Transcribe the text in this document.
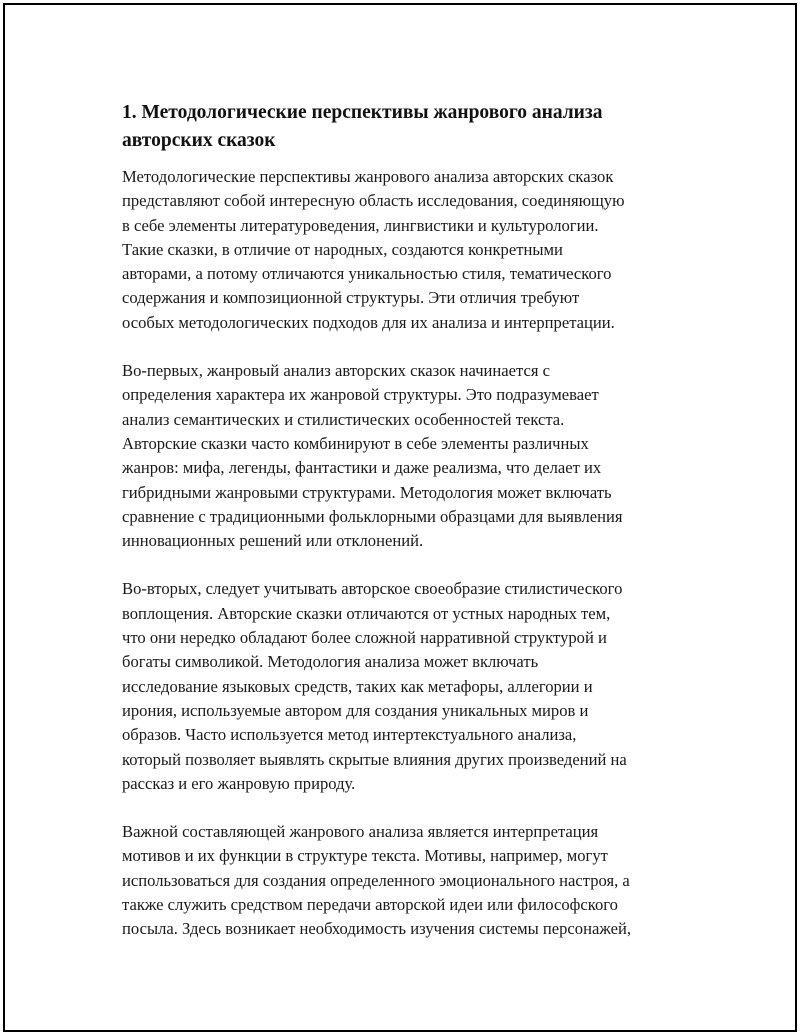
1. Методологические перспективы жанрового анализа
авторских сказок

Методологические перспективы жанрового анализа авторских сказок
представляют собой интересную область исследования, соединяющую
в себе элементы литературоведения, лингвистики и культурологии.
Такие сказки, в отличие от народных, создаются конкретными
авторами, а потому отличаются уникальностью стиля, тематического
содержания и композиционной структуры. Эти отличия требуют
особых методологических подходов для их анализа и интерпретации.

Во-первых, жанровый анализ авторских сказок начинается с
определения характера их жанровой структуры. Это подразумевает
анализ семантических и стилистических особенностей текста.
Авторские сказки часто комбинируют в себе элементы различных
жанров: мифа, легенды, фантастики и даже реализма, что делает их
гибридными жанровыми структурами. Методология может включать
сравнение с традиционными фольклорными образцами для выявления
инновационных решений или отклонений.

Во-вторых, следует учитывать авторское своеобразие стилистического
воплощения. Авторские сказки отличаются от устных народных тем,
что они нередко обладают более сложной нарративной структурой и
богаты символикой. Методология анализа может включать
исследование языковых средств, таких как метафоры, аллегории и
ирония, используемые автором для создания уникальных миров и
образов. Часто используется метод интертекстуального анализа,
который позволяет выявлять скрытые влияния других произведений на
рассказ и его жанровую природу.

Важной составляющей жанрового анализа является интерпретация
мотивов и их функции в структуре текста. Мотивы, например, могут
использоваться для создания определенного эмоционального настроя, а
также служить средством передачи авторской идеи или философского
посыла. Здесь возникает необходимость изучения системы персонажей,
